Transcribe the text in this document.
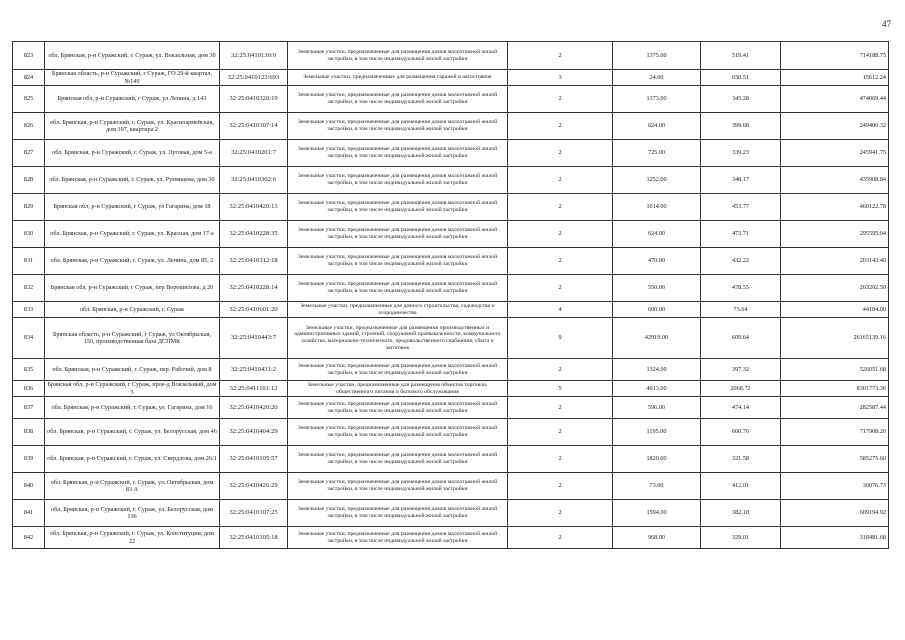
47
823	обл. Брянская, р-н Суражский, г. Сураж, ул. Вокзальная, дом 30	32:25:0410130:9	Земельные участки, предназначенные для размещения домов малоэтажной жилой застройки, в том числе индивидуальной жилой застройки	2	1375.00	519.41	714188.75
824	Брянская область, р-н Суражский, г Сураж, ГО 29-й квартал, №149	32:25:0410123:693	Земельные участки, предназначенные для размещения гаражей и автостоянок	3	24.00	650.51	15612.24
825	Брянская обл, р-н Суражский, г Сураж, ул Ленина, д 143	32:25:0410320:19	Земельные участки, предназначенные для размещения домов малоэтажной жилой застройки, в том числе индивидуальной жилой застройки	2	1373.00	345.28	474069.44
826	обл. Брянская, р-н Суражский, г. Сураж, ул. Красноармейская, дом 107, квартира 2	32:25:0410307:14	Земельные участки, предназначенные для размещения домов малоэтажной жилой застройки, в том числе индивидуальной жилой застройки	2	624.00	399.68	249400.32
827	обл. Брянская, р-н Суражский, г. Сураж, ул. Луговая, дом 5-а	32:25:0410201:7	Земельные участки, предназначенные для размещения домов малоэтажной жилой застройки, в том числе индивидуальной жилой застройки	2	725.00	339.23	245941.75
828	обл. Брянская, р-н Суражский, г. Сураж, ул. Румянцева, дом 30	32:25:0410302:6	Земельные участки, предназначенные для размещения домов малоэтажной жилой застройки, в том числе индивидуальной жилой застройки	2	1252.00	348.17	435908.84
829	Брянская обл, р-н Суражский, г Сураж, ул Гагарина, дом 18	32:25:0410420:13	Земельные участки, предназначенные для размещения домов малоэтажной жилой застройки, в том числе индивидуальной жилой застройки	2	1014.00	453.77	460122.78
830	обл. Брянская, р-н Суражский, г. Сураж, ул. Красная, дом 17-а	32:25:0410228:35	Земельные участки, предназначенные для размещения домов малоэтажной жилой застройки, в том числе индивидуальной жилой застройки	2	624.00	473.71	295595.04
831	обл. Брянская, р-н Суражский, г. Сураж, ул. Ленина, дом 85, 2	32:25:0410312:18	Земельные участки, предназначенные для размещения домов малоэтажной жилой застройки, в том числе индивидуальной жилой застройки	2	470.00	432.22	203143.40
832	Брянская обл, р-н Суражский, г Сураж, пер Ворошилова, д 20	32:25:0410228:14	Земельные участки, предназначенные для размещения домов малоэтажной жилой застройки, в том числе индивидуальной жилой застройки	2	550.00	478.55	263202.50
833	обл. Брянская, р-н Суражский, г. Сураж	32:25:0410601:20	Земельные участки, предназначенные для дачного строительства, садоводства и огородничества	4	600.00	73.64	44184.00
834	Брянская область, р-н Суражский, г Сураж, ул Октябрьская, 150, производственная база ДСПМК	32:25:0410443:7	Земельные участки, предназначенные для размещения производственных и административных зданий, строений, сооружений промышленности, коммунального хозяйства, материально-технического, продовольственного снабжения, сбыта и заготовок	9	42919.00	609.64	26165139.16
835	обл. Брянская, р-н Суражский, г. Сураж, пер. Рабочий, дом 8	32:25:0410431:2	Земельные участки, предназначенные для размещения домов малоэтажной жилой застройки, в том числе индивидуальной жилой застройки	2	1324.00	397.32	526051.68
836	Брянская обл, р-н Суражский, г Сураж, прое-д Вокзальный, дом 3	32:25:0411101:12	Земельные участки, предназначенные для размещения объектов торговли, общественного питания и бытового обслуживания	5	4013.00	2068.72	8301773.36
837	обл. Брянская, р-н Суражский, г. Сураж, ул. Гагарина, дом 16	32:25:0410420:20	Земельные участки, предназначенные для размещения домов малоэтажной жилой застройки, в том числе индивидуальной жилой застройки	2	596.00	474.14	282587.44
838	обл. Брянская, р-н Суражский, г. Сураж, ул. Белорусская, дом 46	32:25:0410404:29	Земельные участки, предназначенные для размещения домов малоэтажной жилой застройки, в том числе индивидуальной жилой застройки	2	1195.00	600.76	717908.20
839	обл. Брянская, р-н Суражский, г. Сураж, ул. Свердлова, дом 26/1	32:25:0410105:57	Земельные участки, предназначенные для размещения домов малоэтажной жилой застройки, в том числе индивидуальной жилой застройки	2	1820.00	321.58	585275.60
840	обл. Брянская, р-н Суражский, г. Сураж, ул. Октябрьская, дом 83 А	32:25:0410426:29	Земельные участки, предназначенные для размещения домов малоэтажной жилой застройки, в том числе индивидуальной жилой застройки	2	73.00	412.01	30076.73
841	обл. Брянская, р-н Суражский, г. Сураж, ул. Белорусская, дом 136	32:25:0410107:25	Земельные участки, предназначенные для размещения домов малоэтажной жилой застройки, в том числе индивидуальной жилой застройки	2	1594.00	382.18	609194.92
842	обл. Брянская, р-н Суражский, г. Сураж, ул. Конституции, дом 22	32:25:0410105:18	Земельные участки, предназначенные для размещения домов малоэтажной жилой застройки, в том числе индивидуальной жилой застройки	2	968.00	329.01	318481.68
